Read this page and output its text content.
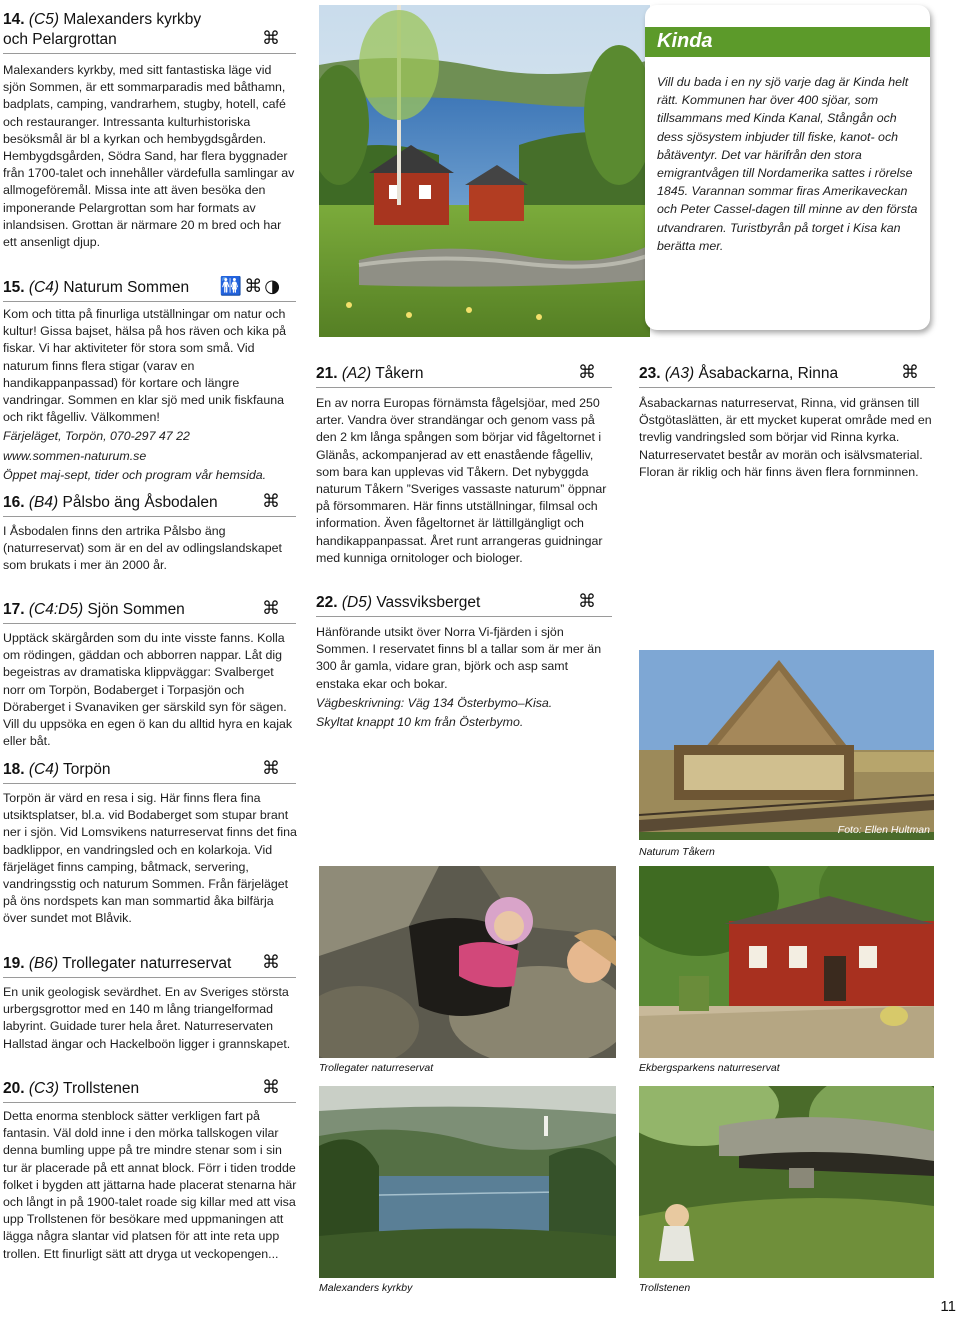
14. (C5) Malexanders kyrkby
och Pelargrottan	⌘

Malexanders kyrkby, med sitt fantastiska läge vid sjön Sommen, är ett sommarparadis med båthamn, badplats, camping, vandrarhem, stugby, hotell, café och restauranger. Intressanta kulturhistoriska besöksmål är bl a kyrkan och hembygdsgården. Hembygdsgården, Södra Sand, har flera byggnader från 1700-talet och innehåller värdefulla samlingar av allmogeföremål. Missa inte att även besöka den imponerande Pelargrottan som har formats av inlandsisen. Grottan är närmare 20 m bred och har ett ansenligt djup.

15. (C4) Naturum Sommen 🚻⌘◑

Kom och titta på finurliga utställningar om natur och kultur! Gissa bajset, hälsa på hos räven och kika på fiskar. Vi har aktiviteter för stora som små. Vid naturum finns flera stigar (varav en handikappanpassad) för kortare och längre vandringar. Sommen en klar sjö med unik fiskfauna och rikt fågelliv. Välkommen!

Färjeläget, Torpön, 070-297 47 22

www.sommen-naturum.se

Öppet maj-sept, tider och program vår hemsida.

16. (B4) Pålsbo äng Åsbodalen ⌘

I Åsbodalen finns den artrika Pålsbo äng (naturreservat) som är en del av odlingslandskapet som brukats i mer än 2000 år.

17. (C4:D5) Sjön Sommen	⌘

Upptäck skärgården som du inte visste fanns. Kolla om rödingen, gäddan och abborren nappar. Låt dig begeistras av dramatiska klippväggar: Svalberget norr om Torpön, Bodaberget i Torpasjön och Döraberget i Svanaviken ger särskild syn för sägen. Vill du uppsöka en egen ö kan du alltid hyra en kajak eller båt.

18. (C4) Torpön	⌘

Torpön är värd en resa i sig. Här finns flera fina utsiktsplatser, bl.a. vid Bodaberget som stupar brant ner i sjön. Vid Lomsvikens naturreservat finns det fina badklippor, en vandringsled och en kolarkoja. Vid färjeläget finns camping, båtmack, servering, vandringsstig och naturum Sommen. Från färjeläget på öns nordspets kan man sommartid åka bilfärja över sundet mot Blåvik.

19. (B6) Trollegater naturreservat ⌘

En unik geologisk sevärdhet. En av Sveriges största urbergsgrottor med en 140 m lång triangelformad labyrint. Guidade turer hela året. Naturreservaten Hallstad ängar och Hackelboön ligger i grannskapet.

20. (C3) Trollstenen	⌘

Detta enorma stenblock sätter verkligen fart på fantasin. Väl dold inne i den mörka tallskogen vilar denna bumling uppe på tre mindre stenar som i sin tur är placerade på ett annat block. Förr i tiden trodde folket i bygden att jättarna hade placerat stenarna här och långt in på 1900-talet roade sig killar med att visa upp Trollstenen för besökare med uppmaningen att lägga några slantar vid platsen för att inte reta upp trollen. Ett finurligt sätt att dryga ut veckopengen...

Kinda
Vill du bada i en ny sjö varje dag är Kinda helt rätt. Kommunen har över 400 sjöar, som tillsammans med Kinda Kanal, Stångån och dess sjösystem inbjuder till fiske, kanot- och båtäventyr. Det var härifrån den stora emigrantvågen till Nordamerika sattes i rörelse 1845. Varannan sommar firas Amerikaveckan och Peter Cassel-dagen till minne av den första utvandraren. Turistbyrån på torget i Kisa kan berätta mer.
21. (A2) Tåkern	⌘

En av norra Europas förnämsta fågelsjöar, med 250 arter. Vandra över strandängar och genom vass på den 2 km långa spången som börjar vid fågeltornet i Glänås, ackompanjerad av ett enastående fågelliv, som bara kan upplevas vid Tåkern. Det nybyggda naturum Tåkern ”Sveriges vassaste naturum” öppnar på försommaren. Här finns utställningar, filmsal och information. Även fågeltornet är lättillgängligt och handikappanpassat. Året runt arrangeras guidningar med kunniga ornitologer och biologer.

22. (D5) Vassviksberget	⌘

Hänförande utsikt över Norra Vi-fjärden i sjön Sommen. I reservatet finns bl a tallar som är mer än 300 år gamla, vidare gran, björk och asp samt enstaka ekar och bokar.

Vägbeskrivning: Väg 134 Österbymo–Kisa.

Skyltat knappt 10 km från Österbymo.

23. (A3) Åsabackarna, Rinna	⌘

Åsabackarnas naturreservat, Rinna, vid gränsen till Östgötaslätten, är ett mycket kuperat område med en trevlig vandringsled som börjar vid Rinna kyrka. Naturreservatet består av morän och isälvsmaterial. Floran är riklig och här finns även flera fornminnen.

Foto: Ellen Hultman
Naturum Tåkern
Trollegater naturreservat	Ekbergsparkens naturreservat
Malexanders kyrkby	Trollstenen
11
